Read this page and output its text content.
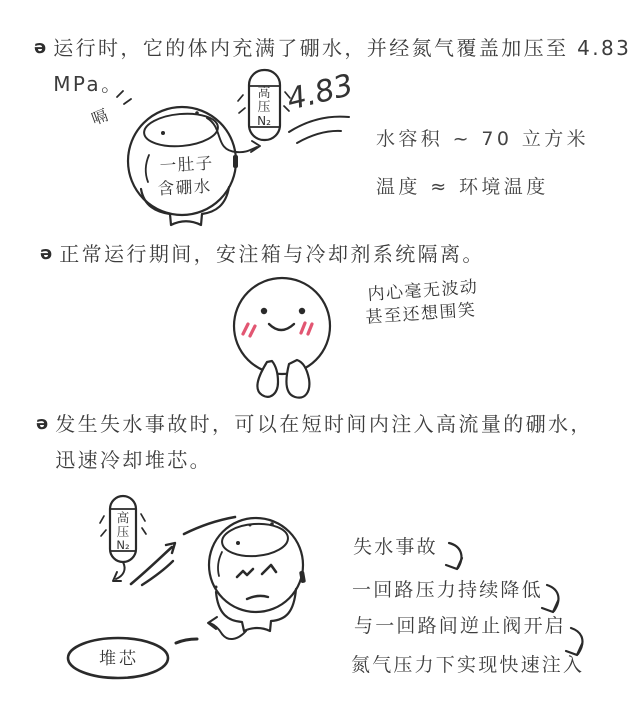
ə 运行时，它的体内充满了硼水，并经氮气覆盖加压至 4.83
MPa。
水容积 ~ 70 立方米
温度 ≈ 环境温度
ə 正常运行期间，安注箱与冷却剂系统隔离。
ə 发生失水事故时，可以在短时间内注入高流量的硼水，
迅速冷却堆芯。
失水事故
一回路压力持续降低
与一回路间逆止阀开启
氮气压力下实现快速注入
一肚子
含硼水
嗝
高
压
N₂
4.83
内心毫无波动
甚至还想围笑
高
压
N₂
堆芯
